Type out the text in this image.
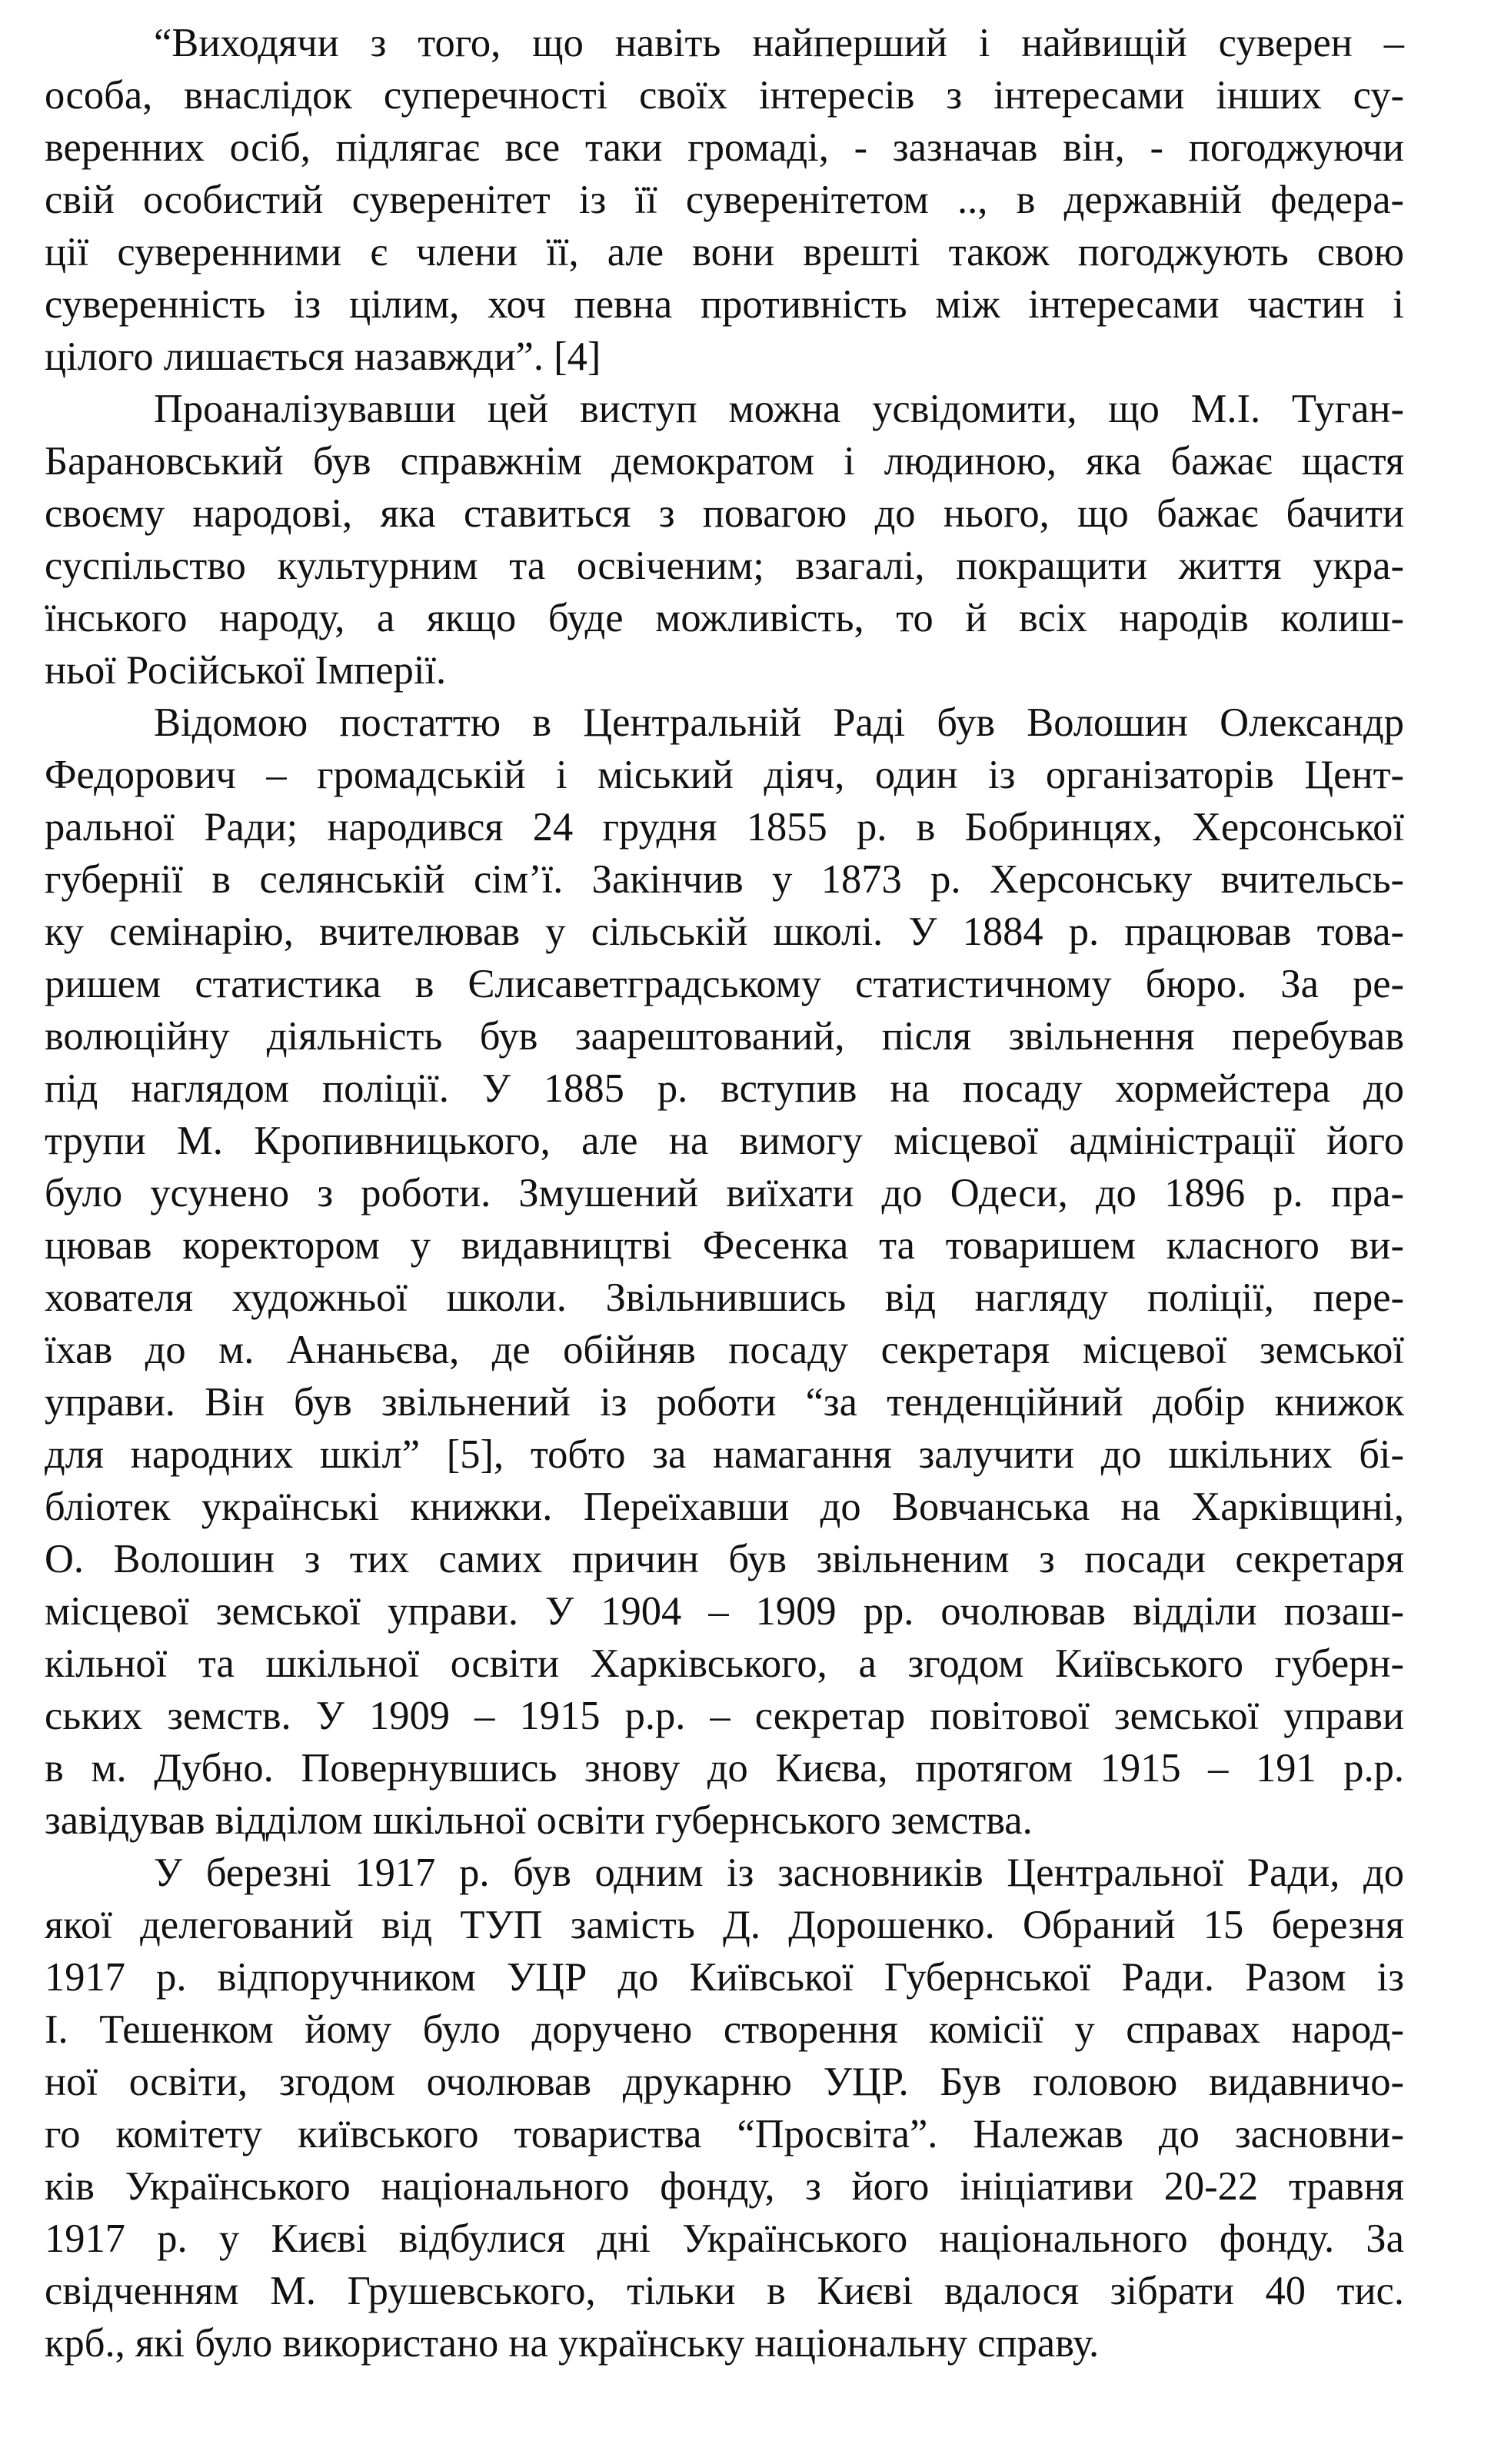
“Виходячи з того, що навіть найперший і найвищій суверен –
особа, внаслідок суперечності своїх інтересів з інтересами інших су-
веренних осіб, підлягає все таки громаді, - зазначав він, - погоджуючи
свій особистий суверенітет із її суверенітетом .., в державній федера-
ції суверенними є члени її, але вони врешті також погоджують свою
суверенність із цілим, хоч певна противність між інтересами частин і
цілого лишається назавжди”. [4]
Проаналізувавши цей виступ можна усвідомити, що М.І. Туган-
Барановський був справжнім демократом і людиною, яка бажає щастя
своєму народові, яка ставиться з повагою до нього, що бажає бачити
суспільство культурним та освіченим; взагалі, покращити життя укра-
їнського народу, а якщо буде можливість, то й всіх народів колиш-
ньої Російської Імперії.
Відомою постаттю в Центральній Раді був Волошин Олександр
Федорович – громадській і міський діяч, один із організаторів Цент-
ральної Ради; народився 24 грудня 1855 р. в Бобринцях, Херсонської
губернії в селянській сім’ї. Закінчив у 1873 р. Херсонську вчительсь-
ку семінарію, вчителював у сільській школі. У 1884 р. працював това-
ришем статистика в Єлисаветградському статистичному бюро. За ре-
волюційну діяльність був заарештований, після звільнення перебував
під наглядом поліції. У 1885 р. вступив на посаду хормейстера до
трупи М. Кропивницького, але на вимогу місцевої адміністрації його
було усунено з роботи. Змушений виїхати до Одеси, до 1896 р. пра-
цював коректором у видавництві Фесенка та товаришем класного ви-
хователя художньої школи. Звільнившись від нагляду поліції, пере-
їхав до м. Ананьєва, де обійняв посаду секретаря місцевої земської
управи. Він був звільнений із роботи “за тенденційний добір книжок
для народних шкіл” [5], тобто за намагання залучити до шкільних бі-
бліотек українські книжки. Переїхавши до Вовчанська на Харківщині,
О. Волошин з тих самих причин був звільненим з посади секретаря
місцевої земської управи. У 1904 – 1909 рр. очолював відділи позаш-
кільної та шкільної освіти Харківського, а згодом Київського губерн-
ських земств. У 1909 – 1915 р.р. – секретар повітової земської управи
в м. Дубно. Повернувшись знову до Києва, протягом 1915 – 191 р.р.
завідував відділом шкільної освіти губернського земства.
У березні 1917 р. був одним із засновників Центральної Ради, до
якої делегований від ТУП замість Д. Дорошенко. Обраний 15 березня
1917 р. відпоручником УЦР до Київської Губернської Ради. Разом із
І. Тешенком йому було доручено створення комісії у справах народ-
ної освіти, згодом очолював друкарню УЦР. Був головою видавничо-
го комітету київського товариства “Просвіта”. Належав до засновни-
ків Українського національного фонду, з його ініціативи 20-22 травня
1917 р. у Києві відбулися дні Українського національного фонду. За
свідченням М. Грушевського, тільки в Києві вдалося зібрати 40 тис.
крб., які було використано на українську національну справу.
